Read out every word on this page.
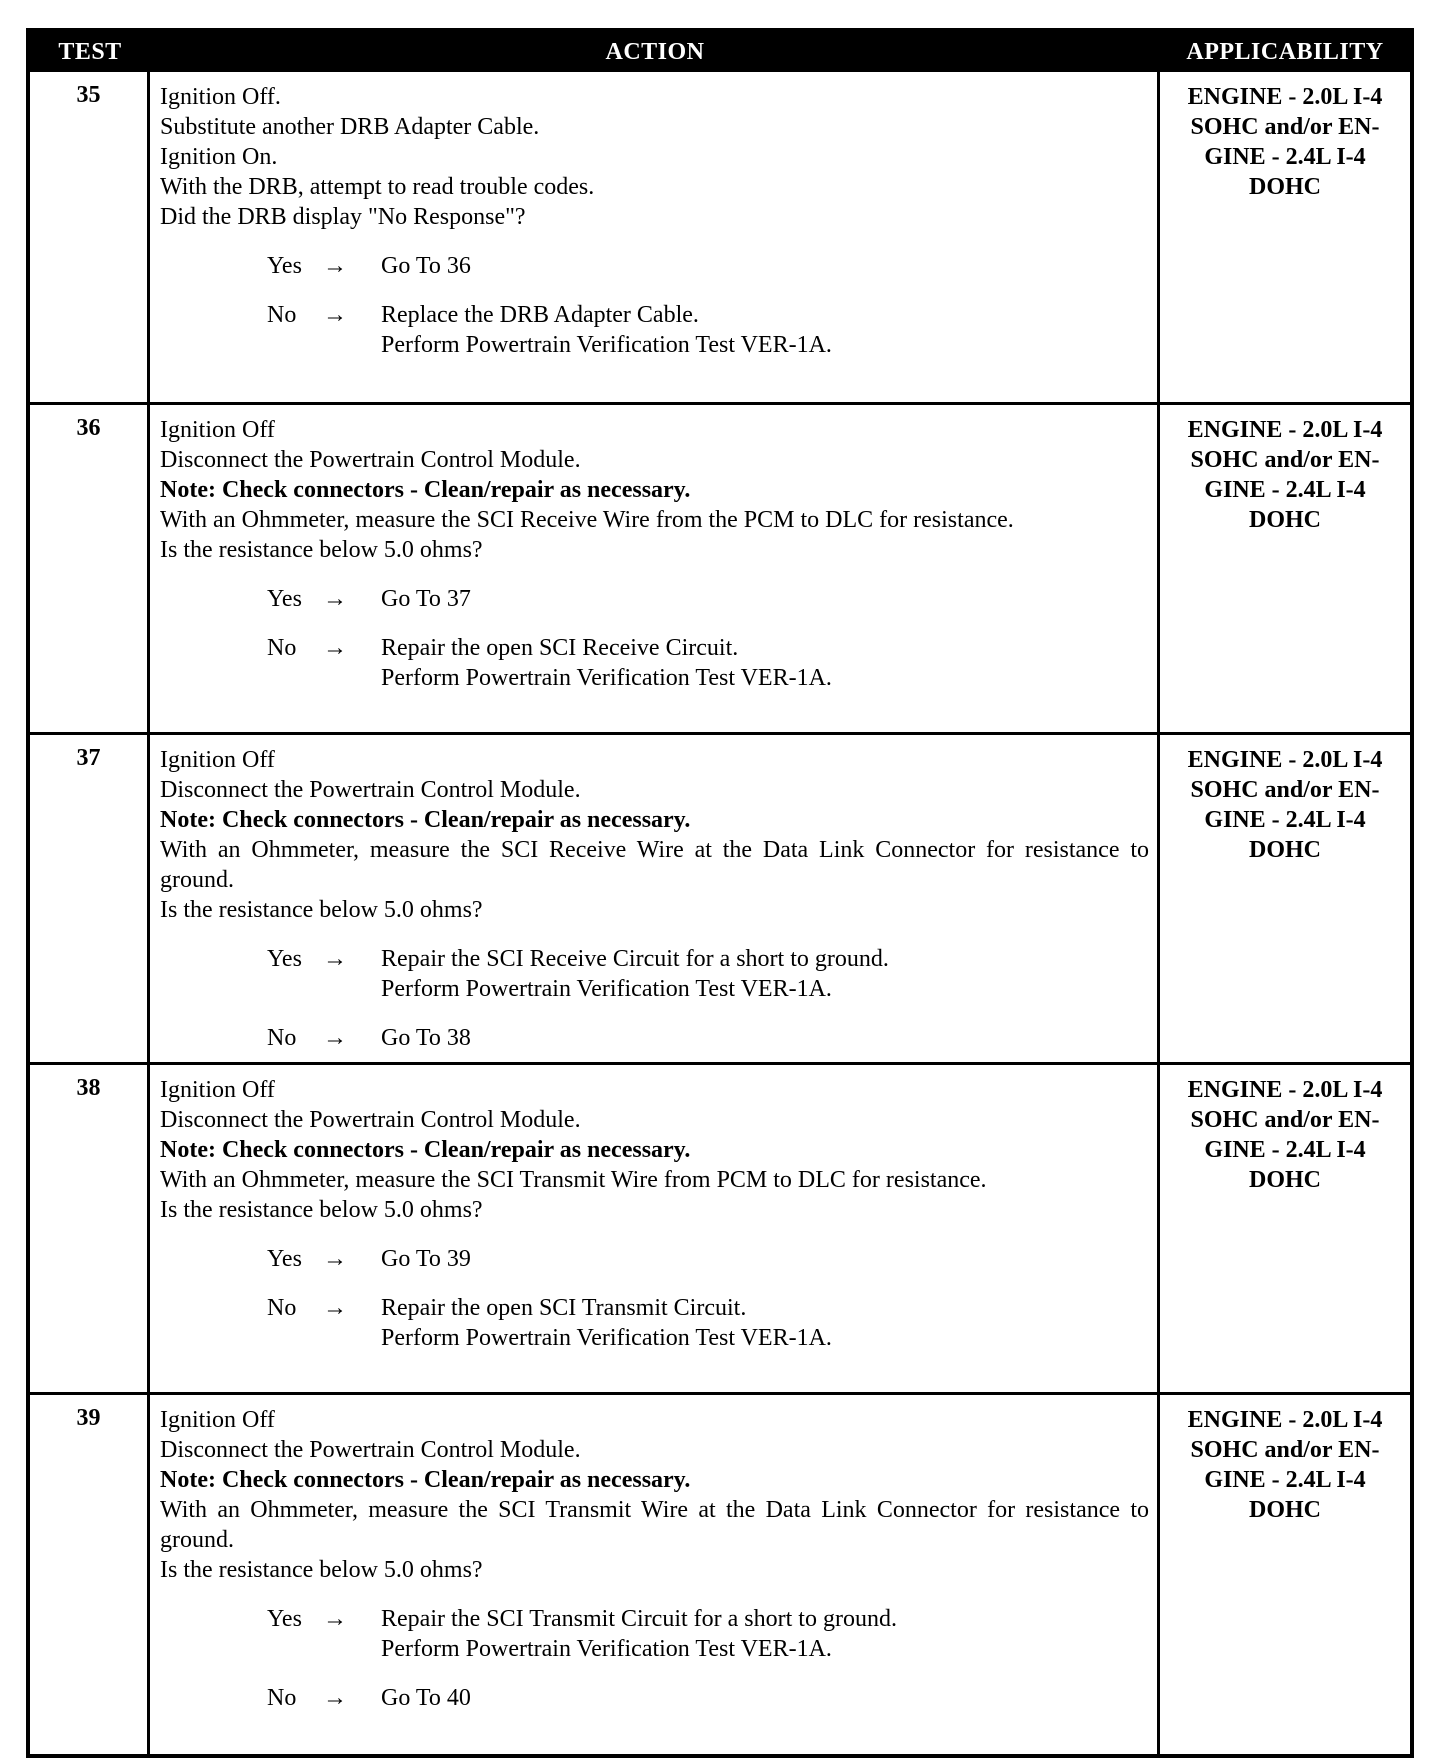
TEST	ACTION	APPLICABILITY
35	Ignition Off.
Substitute another DRB Adapter Cable.
Ignition On.
With the DRB, attempt to read trouble codes.
Did the DRB display "No Response"?
Yes →	Go To 36
No	→	Replace the DRB Adapter Cable.
Perform Powertrain Verification Test VER-1A.
ENGINE - 2.0L I-4 SOHC and/or EN-GINE - 2.4L I-4 DOHC
36	Ignition Off
Disconnect the Powertrain Control Module.
Note: Check connectors - Clean/repair as necessary.
With an Ohmmeter, measure the SCI Receive Wire from the PCM to DLC for resistance.
Is the resistance below 5.0 ohms?
Yes →	Go To 37
No	→	Repair the open SCI Receive Circuit.
Perform Powertrain Verification Test VER-1A.
ENGINE - 2.0L I-4 SOHC and/or EN-GINE - 2.4L I-4 DOHC
37	Ignition Off
Disconnect the Powertrain Control Module.
Note: Check connectors - Clean/repair as necessary.
With an Ohmmeter, measure the SCI Receive Wire at the Data Link Connector for resistance to ground.
Is the resistance below 5.0 ohms?
Yes →	Repair the SCI Receive Circuit for a short to ground.
Perform Powertrain Verification Test VER-1A.
No	→	Go To 38
ENGINE - 2.0L I-4 SOHC and/or EN-GINE - 2.4L I-4 DOHC
38	Ignition Off
Disconnect the Powertrain Control Module.
Note: Check connectors - Clean/repair as necessary.
With an Ohmmeter, measure the SCI Transmit Wire from PCM to DLC for resistance.
Is the resistance below 5.0 ohms?
Yes →	Go To 39
No	→	Repair the open SCI Transmit Circuit.
Perform Powertrain Verification Test VER-1A.
ENGINE - 2.0L I-4 SOHC and/or EN-GINE - 2.4L I-4 DOHC
39	Ignition Off
Disconnect the Powertrain Control Module.
Note: Check connectors - Clean/repair as necessary.
With an Ohmmeter, measure the SCI Transmit Wire at the Data Link Connector for resistance to ground.
Is the resistance below 5.0 ohms?
Yes →	Repair the SCI Transmit Circuit for a short to ground.
Perform Powertrain Verification Test VER-1A.
No	→	Go To 40
ENGINE - 2.0L I-4 SOHC and/or EN-GINE - 2.4L I-4 DOHC
